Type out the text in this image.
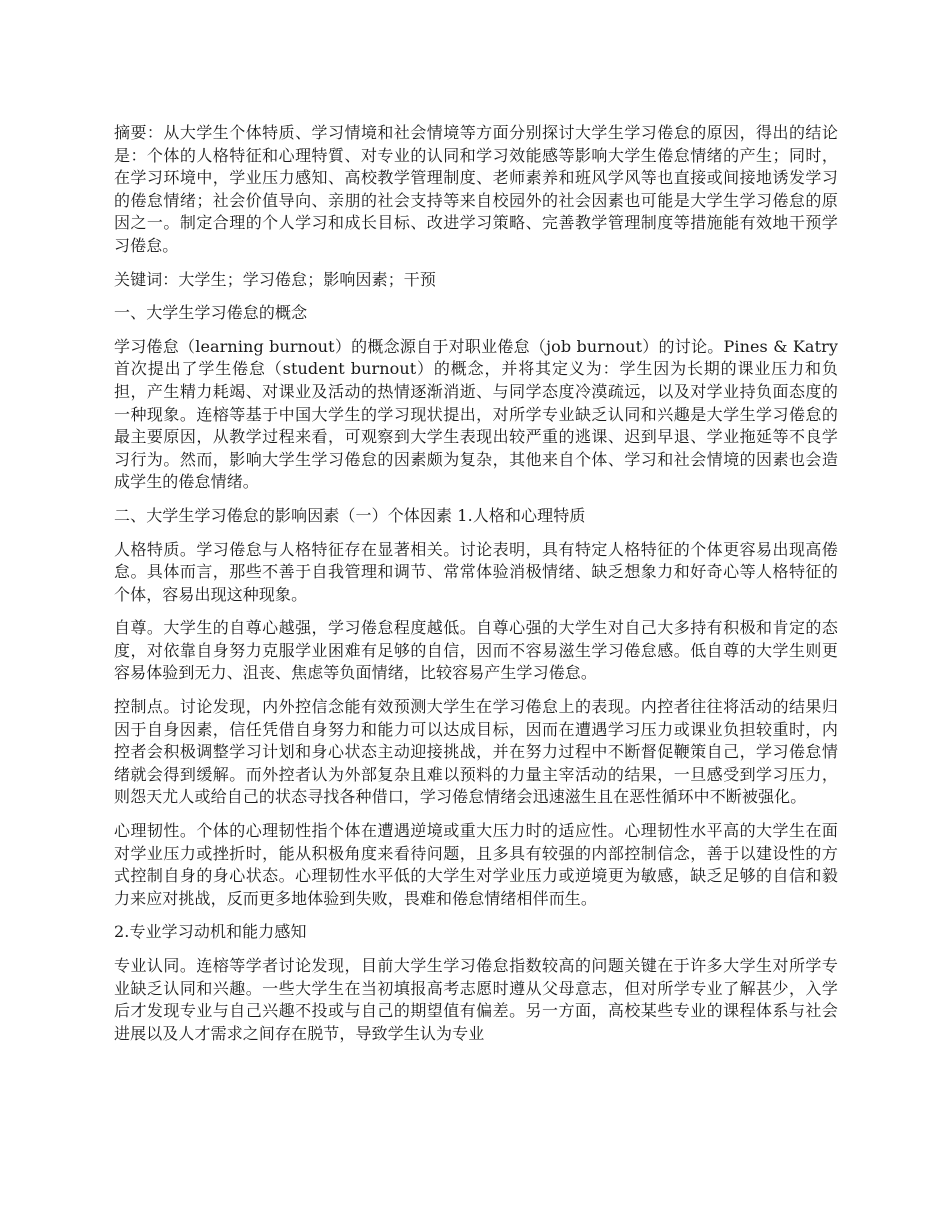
摘要：从大学生个体特质、学习情境和社会情境等方面分别探讨大学生学习倦怠的原因，得出的结论是：个体的人格特征和心理特質、对专业的认同和学习效能感等影响大学生倦怠情绪的产生；同时，在学习环境中，学业压力感知、高校教学管理制度、老师素养和班风学风等也直接或间接地诱发学习的倦怠情绪；社会价值导向、亲朋的社会支持等来自校园外的社会因素也可能是大学生学习倦怠的原因之一。制定合理的个人学习和成长目标、改进学习策略、完善教学管理制度等措施能有效地干预学习倦怠。

关键词：大学生；学习倦怠；影响因素；干预

一、大学生学习倦怠的概念

学习倦怠（learning burnout）的概念源自于对职业倦怠（job burnout）的讨论。Pines & Katry 首次提出了学生倦怠（student burnout）的概念，并将其定义为：学生因为长期的课业压力和负担，产生精力耗竭、对课业及活动的热情逐渐消逝、与同学态度冷漠疏远，以及对学业持负面态度的一种现象。连榕等基于中国大学生的学习现状提出，对所学专业缺乏认同和兴趣是大学生学习倦怠的最主要原因，从教学过程来看，可观察到大学生表现出较严重的逃课、迟到早退、学业拖延等不良学习行为。然而，影响大学生学习倦怠的因素颇为复杂，其他来自个体、学习和社会情境的因素也会造成学生的倦怠情绪。

二、大学生学习倦怠的影响因素（一）个体因素 1.人格和心理特质

人格特质。学习倦怠与人格特征存在显著相关。讨论表明，具有特定人格特征的个体更容易出现高倦怠。具体而言，那些不善于自我管理和调节、常常体验消极情绪、缺乏想象力和好奇心等人格特征的个体，容易出现这种现象。

自尊。大学生的自尊心越强，学习倦怠程度越低。自尊心强的大学生对自己大多持有积极和肯定的态度，对依靠自身努力克服学业困难有足够的自信，因而不容易滋生学习倦怠感。低自尊的大学生则更容易体验到无力、沮丧、焦虑等负面情绪，比较容易产生学习倦怠。

控制点。讨论发现，内外控信念能有效预测大学生在学习倦怠上的表现。内控者往往将活动的结果归因于自身因素，信任凭借自身努力和能力可以达成目标，因而在遭遇学习压力或课业负担较重时，内控者会积极调整学习计划和身心状态主动迎接挑战，并在努力过程中不断督促鞭策自己，学习倦怠情绪就会得到缓解。而外控者认为外部复杂且难以预料的力量主宰活动的结果，一旦感受到学习压力，则怨天尤人或给自己的状态寻找各种借口，学习倦怠情绪会迅速滋生且在恶性循环中不断被强化。

心理韧性。个体的心理韧性指个体在遭遇逆境或重大压力时的适应性。心理韧性水平高的大学生在面对学业压力或挫折时，能从积极角度来看待问题，且多具有较强的内部控制信念，善于以建设性的方式控制自身的身心状态。心理韧性水平低的大学生对学业压力或逆境更为敏感，缺乏足够的自信和毅力来应对挑战，反而更多地体验到失败，畏难和倦怠情绪相伴而生。

2.专业学习动机和能力感知

专业认同。连榕等学者讨论发现，目前大学生学习倦怠指数较高的问题关键在于许多大学生对所学专业缺乏认同和兴趣。一些大学生在当初填报高考志愿时遵从父母意志，但对所学专业了解甚少，入学后才发现专业与自己兴趣不投或与自己的期望值有偏差。另一方面，高校某些专业的课程体系与社会进展以及人才需求之间存在脱节，导致学生认为专业
